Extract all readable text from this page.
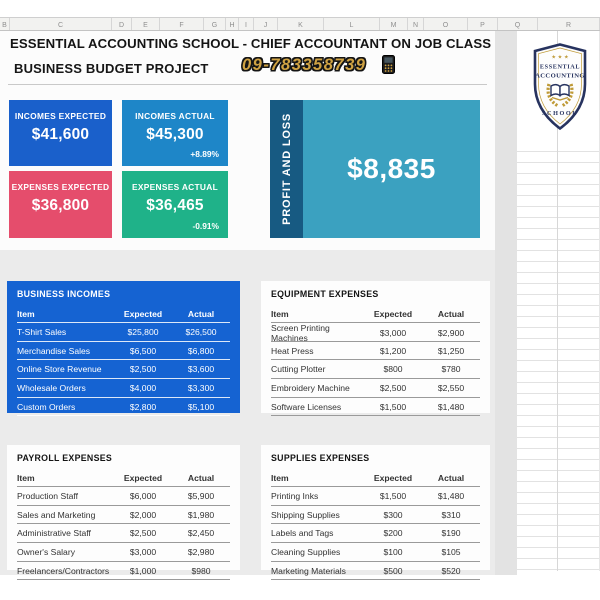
B	C	D	E	F	G	H	I	J	K	L	M	N	O	P	Q	R
ESSENTIAL ACCOUNTING SCHOOL - CHIEF ACCOUNTANT ON JOB CLASS
BUSINESS BUDGET PROJECT 09-783358739
INCOMES EXPECTED
$41,600
INCOMES ACTUAL
$45,300
+8.89%
EXPENSES EXPECTED
$36,800
EXPENSES ACTUAL
$36,465
-0.91%
PROFIT AND LOSS $8,835
BUSINESS INCOMES
Item	Expected	Actual
T-Shirt Sales	$25,800	$26,500
Merchandise Sales	$6,500	$6,800
Online Store Revenue	$2,500	$3,600
Wholesale Orders	$4,000	$3,300
Custom Orders	$2,800	$5,100
EQUIPMENT EXPENSES
Item	Expected	Actual
Screen Printing Machines	$3,000	$2,900
Heat Press	$1,200	$1,250
Cutting Plotter	$800	$780
Embroidery Machine	$2,500	$2,550
Software Licenses	$1,500	$1,480
PAYROLL EXPENSES
Item	Expected	Actual
Production Staff	$6,000	$5,900
Sales and Marketing	$2,000	$1,980
Administrative Staff	$2,500	$2,450
Owner's Salary	$3,000	$2,980
Freelancers/Contractors	$1,000	$980
SUPPLIES EXPENSES
Item	Expected	Actual
Printing Inks	$1,500	$1,480
Shipping Supplies	$300	$310
Labels and Tags	$200	$190
Cleaning Supplies	$100	$105
Marketing Materials	$500	$520
★ ★ ★
ESSENTIAL
ACCOUNTING
SCHOOL
